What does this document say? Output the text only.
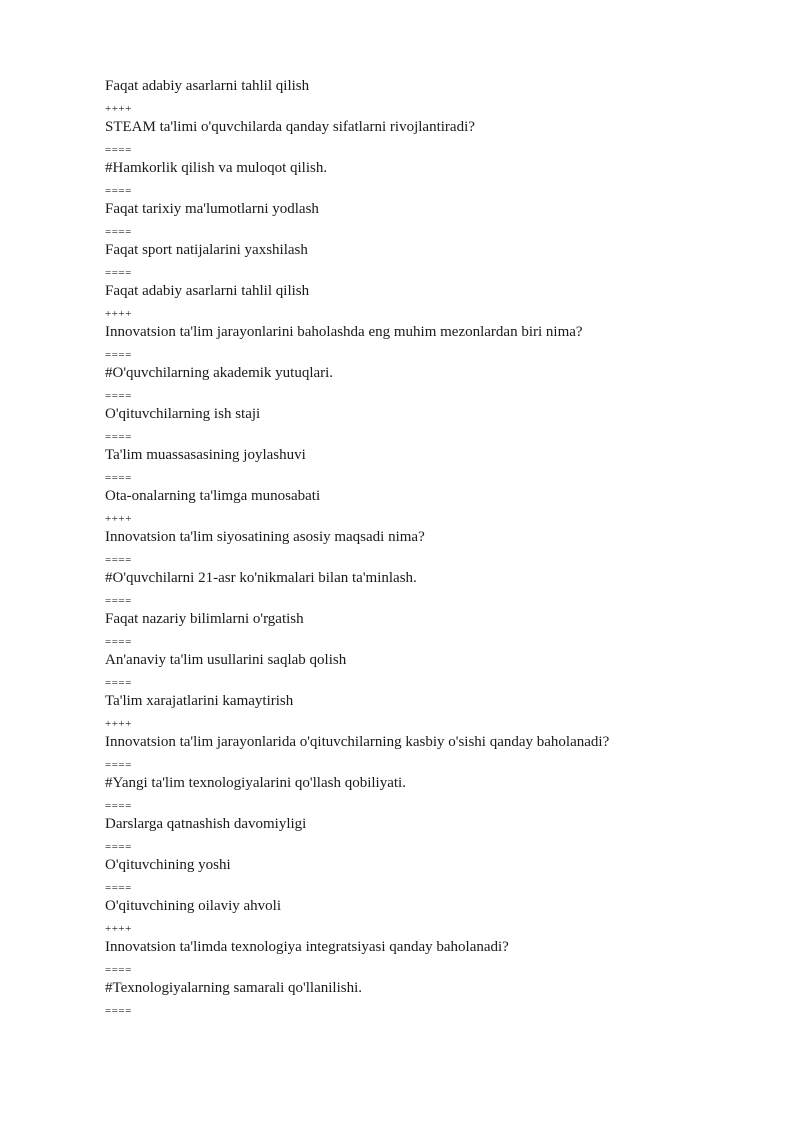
Faqat adabiy asarlarni tahlil qilish
++++
STEAM ta'limi o'quvchilarda qanday sifatlarni rivojlantiradi?
====
#Hamkorlik qilish va muloqot qilish.
====
Faqat tarixiy ma'lumotlarni yodlash
====
Faqat sport natijalarini yaxshilash
====
Faqat adabiy asarlarni tahlil qilish
++++
Innovatsion ta'lim jarayonlarini baholashda eng muhim mezonlardan biri nima?
====
#O'quvchilarning akademik yutuqlari.
====
O'qituvchilarning ish staji
====
Ta'lim muassasasining joylashuvi
====
Ota-onalarning ta'limga munosabati
++++
Innovatsion ta'lim siyosatining asosiy maqsadi nima?
====
#O'quvchilarni 21-asr ko'nikmalari bilan ta'minlash.
====
Faqat nazariy bilimlarni o'rgatish
====
An'anaviy ta'lim usullarini saqlab qolish
====
Ta'lim xarajatlarini kamaytirish
++++
Innovatsion ta'lim jarayonlarida o'qituvchilarning kasbiy o'sishi qanday baholanadi?
====
#Yangi ta'lim texnologiyalarini qo'llash qobiliyati.
====
Darslarga qatnashish davomiyligi
====
O'qituvchining yoshi
====
O'qituvchining oilaviy ahvoli
++++
Innovatsion ta'limda texnologiya integratsiyasi qanday baholanadi?
====
#Texnologiyalarning samarali qo'llanilishi.
====
